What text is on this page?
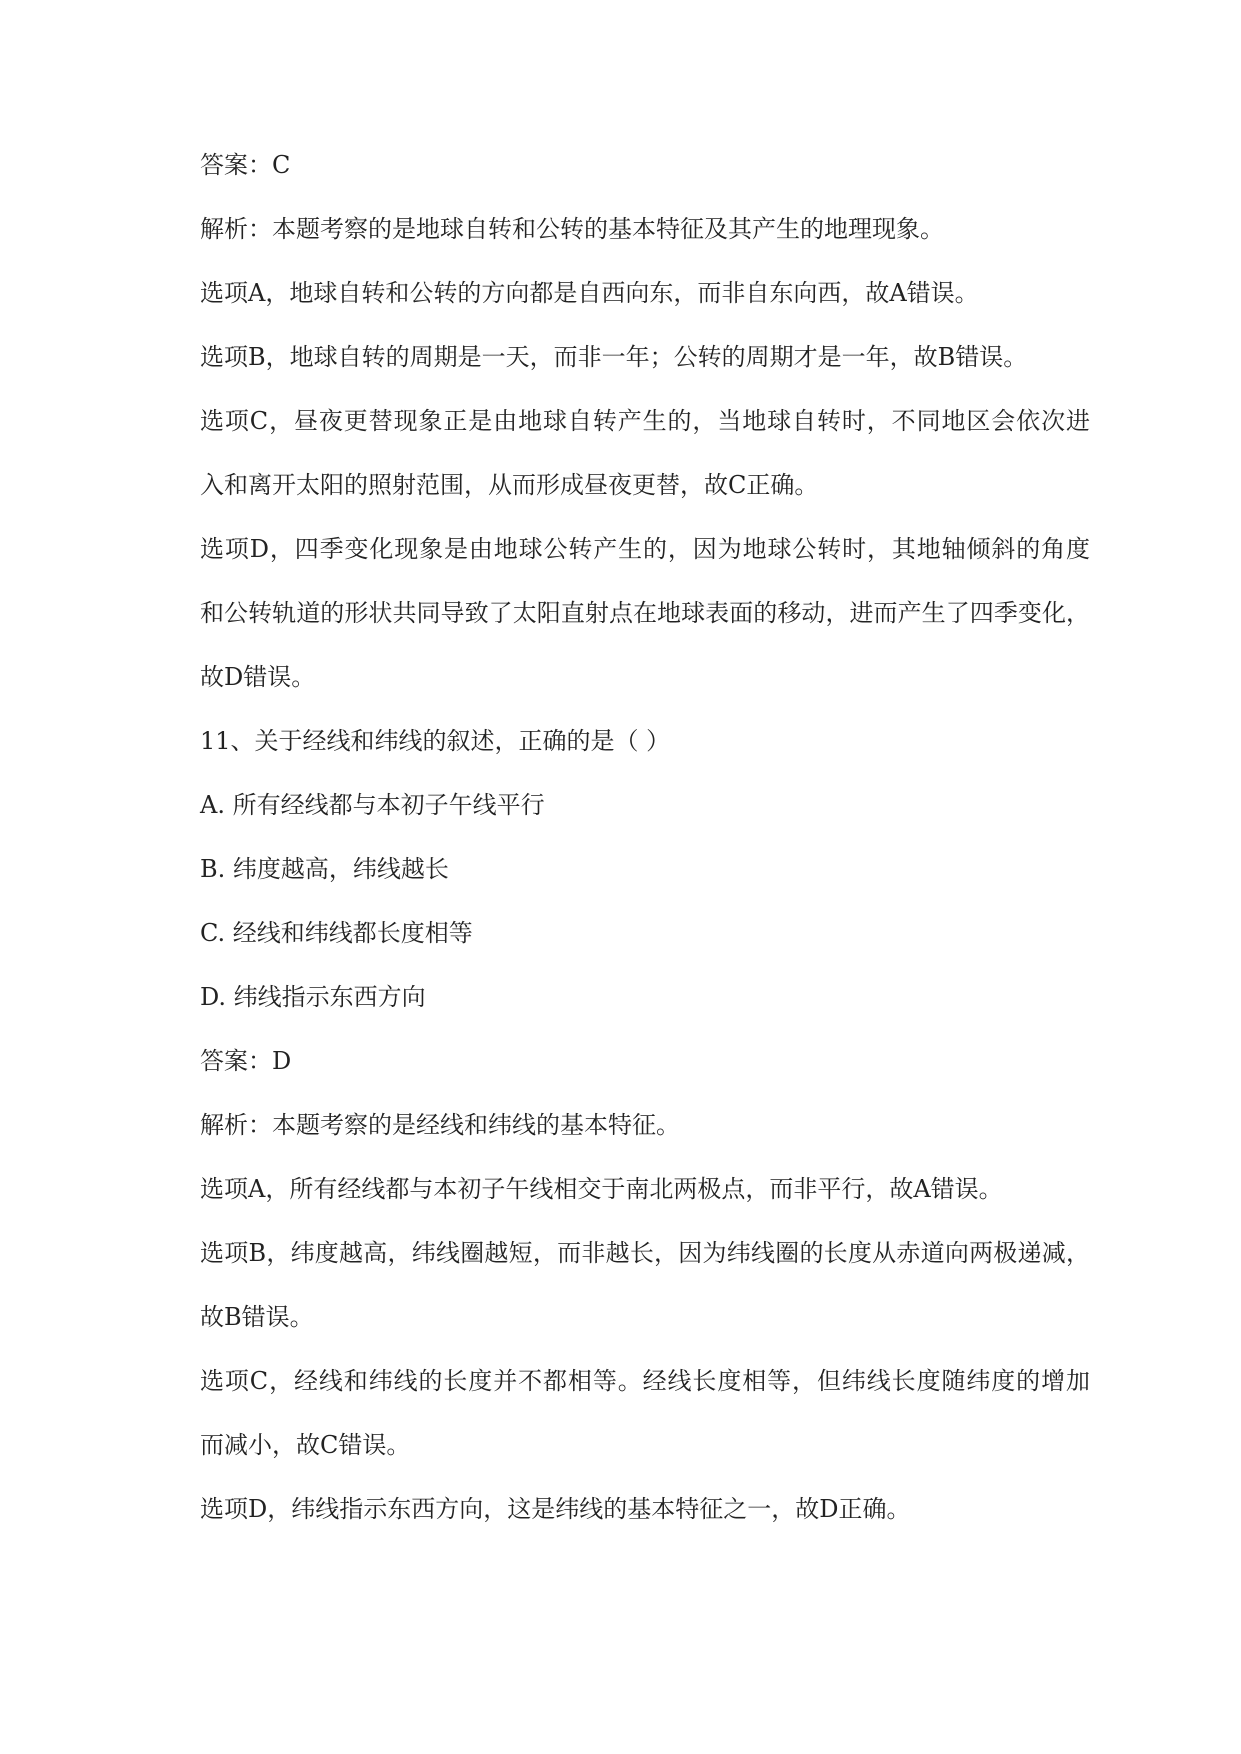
答案：C

解析：本题考察的是地球自转和公转的基本特征及其产生的地理现象。

选项A，地球自转和公转的方向都是自西向东，而非自东向西，故A错误。

选项B，地球自转的周期是一天，而非一年；公转的周期才是一年，故B错误。

选项C，昼夜更替现象正是由地球自转产生的，当地球自转时，不同地区会依次进

入和离开太阳的照射范围，从而形成昼夜更替，故C正确。

选项D，四季变化现象是由地球公转产生的，因为地球公转时，其地轴倾斜的角度

和公转轨道的形状共同导致了太阳直射点在地球表面的移动，进而产生了四季变化，

故D错误。

11、关于经线和纬线的叙述，正确的是（ ）

A. 所有经线都与本初子午线平行

B. 纬度越高，纬线越长

C. 经线和纬线都长度相等

D. 纬线指示东西方向

答案：D

解析：本题考察的是经线和纬线的基本特征。

选项A，所有经线都与本初子午线相交于南北两极点，而非平行，故A错误。

选项B，纬度越高，纬线圈越短，而非越长，因为纬线圈的长度从赤道向两极递减，

故B错误。

选项C，经线和纬线的长度并不都相等。经线长度相等，但纬线长度随纬度的增加

而减小，故C错误。

选项D，纬线指示东西方向，这是纬线的基本特征之一，故D正确。
